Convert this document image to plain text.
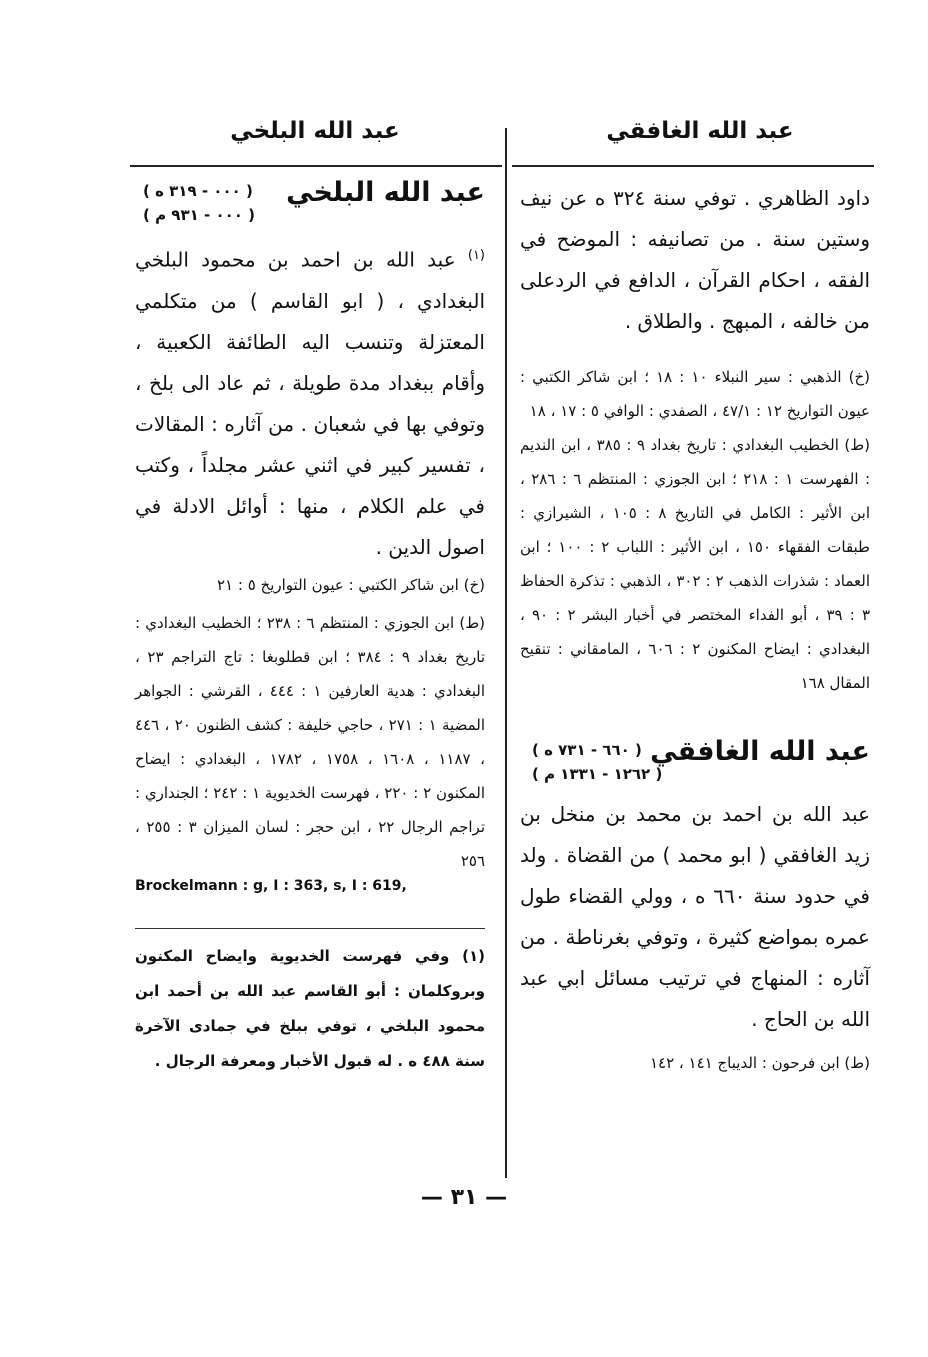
عبد الله الغافقي
عبد الله البلخي

داود الظاهري . توفي سنة ٣٢٤ ه عن نيف وستين سنة . من تصانيفه : الموضح في الفقه ، احكام القرآن ، الدافع في الردعلى من خالفه ، المبهج . والطلاق .

(خ) الذهبي : سير النبلاء ١٠ : ١٨ ؛ ابن شاكر الكتبي : عيون التواريخ ١٢ : ٤٧/١ ، الصفدي : الوافي ٥ : ١٧ ، ١٨

(ط) الخطيب البغدادي : تاريخ بغداد ٩ : ٣٨٥ ، ابن النديم : الفهرست ١ : ٢١٨ ؛ ابن الجوزي : المنتظم ٦ : ٢٨٦ ، ابن الأثير : الكامل في التاريخ ٨ : ١٠٥ ، الشيرازي : طبقات الفقهاء ١٥٠ ، ابن الأثير : اللباب ٢ : ١٠٠ ؛ ابن العماد : شذرات الذهب ٢ : ٣٠٢ ، الذهبي : تذكرة الحفاظ ٣ : ٣٩ ، أبو الفداء المختصر في أخبار البشر ٢ : ٩٠ ، البغدادي : ايضاح المكنون ٢ : ٦٠٦ ، المامقاني : تنقيح المقال ١٦٨

عبد الله الغافقي
( ٦٦٠ - ٧٣١ ه )
( ١٢٦٢ - ١٣٣١ م )

عبد الله بن احمد بن محمد بن منخل بن زيد الغافقي ( ابو محمد ) من القضاة . ولد في حدود سنة ٦٦٠ ه ، وولي القضاء طول عمره بمواضع كثيرة ، وتوفي بغرناطة . من آثاره : المنهاج في ترتيب مسائل ابي عبد الله بن الحاج .

(ط) ابن فرحون : الديباج ١٤١ ، ١٤٢

عبد الله البلخي
( ٠٠٠ - ٣١٩ ه )
( ٠٠٠ - ٩٣١ م )

$^{(١)}$ عبد الله بن احمد بن محمود البلخي البغدادي ، ( ابو القاسم ) من متكلمي المعتزلة وتنسب اليه الطائفة الكعبية ، وأقام ببغداد مدة طويلة ، ثم عاد الى بلخ ، وتوفي بها في شعبان . من آثاره : المقالات ، تفسير كبير في اثني عشر مجلداً ، وكتب في علم الكلام ، منها : أوائل الادلة في اصول الدين .

(خ) ابن شاكر الكتبي : عيون التواريخ ٥ : ٢١

(ط) ابن الجوزي : المنتظم ٦ : ٢٣٨ ؛ الخطيب البغدادي : تاريخ بغداد ٩ : ٣٨٤ ؛ ابن قطلوبغا : تاج التراجم ٢٣ ، البغدادي : هدية العارفين ١ : ٤٤٤ ، القرشي : الجواهر المضية ١ : ٢٧١ ، حاجي خليفة : كشف الظنون ٢٠ ، ٤٤٦ ، ١١٨٧ ، ١٦٠٨ ، ١٧٥٨ ، ١٧٨٢ ، البغدادي : ايضاح المكنون ٢ : ٢٢٠ ، فهرست الخديوية ١ : ٢٤٢ ؛ الجنداري : تراجم الرجال ٢٢ ، ابن حجر : لسان الميزان ٣ : ٢٥٥ ، ٢٥٦

Brockelmann : g, I : 363, s, I : 619,

(١) وفي فهرست الخديوية وايضاح المكنون وبروكلمان : أبو القاسم عبد الله بن أحمد ابن محمود البلخي ، توفي ببلخ في جمادى الآخرة سنة ٤٨٨ ه . له قبول الأخبار ومعرفة الرجال .

— ٣١ —
